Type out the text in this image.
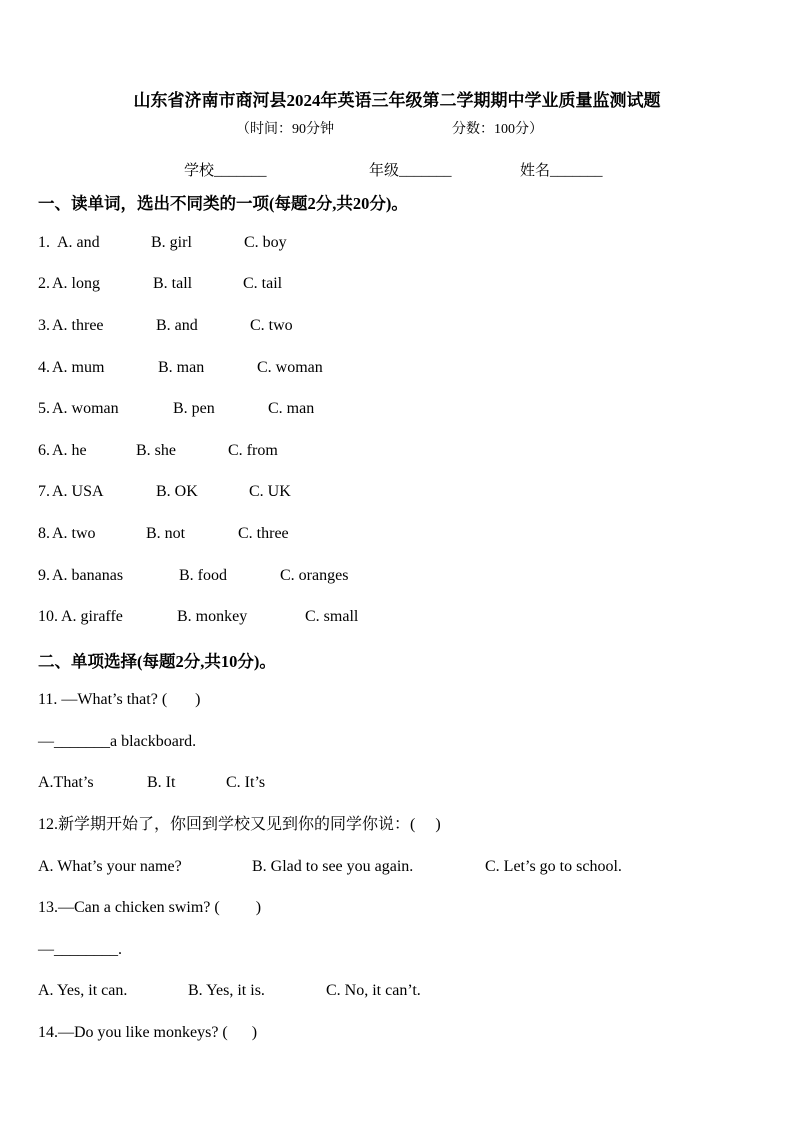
山东省济南市商河县2024年英语三年级第二学期期中学业质量监测试题
（时间：90分钟	分数：100分）
学校_______	年级_______	姓名_______
一、读单词，选出不同类的一项(每题2分,共20分)。

1.

A. and

	B. girl

	C. boy

2.

A. long

	B. tall

	C. tail

3.

A. three

	B. and

	C. two

4.

A. mum

	B. man

	C. woman

5.

A. woman

	B. pen

	C. man

6.

A. he

	B. she

	C. from

7.

A. USA

	B. OK

	C. UK

8.

A. two

	B. not

	C. three

9.

A. bananas

	B. food

	C. oranges

10.

A. giraffe

	B. monkey

	C. small

二、单项选择(每题2分,共10分)。

11. —What’s that? (       )

—_______a blackboard.

A.That’s

	B. It

	C. It’s

12.新学期开始了，你回到学校又见到你的同学你说：(     )

A. What’s your name?

	B. Glad to see you again.

	C. Let’s go to school.

13.—Can a chicken swim? (         )

—________.

A. Yes, it can.

	B. Yes, it is.

	C. No, it can’t.

14.—Do you like monkeys? (      )
